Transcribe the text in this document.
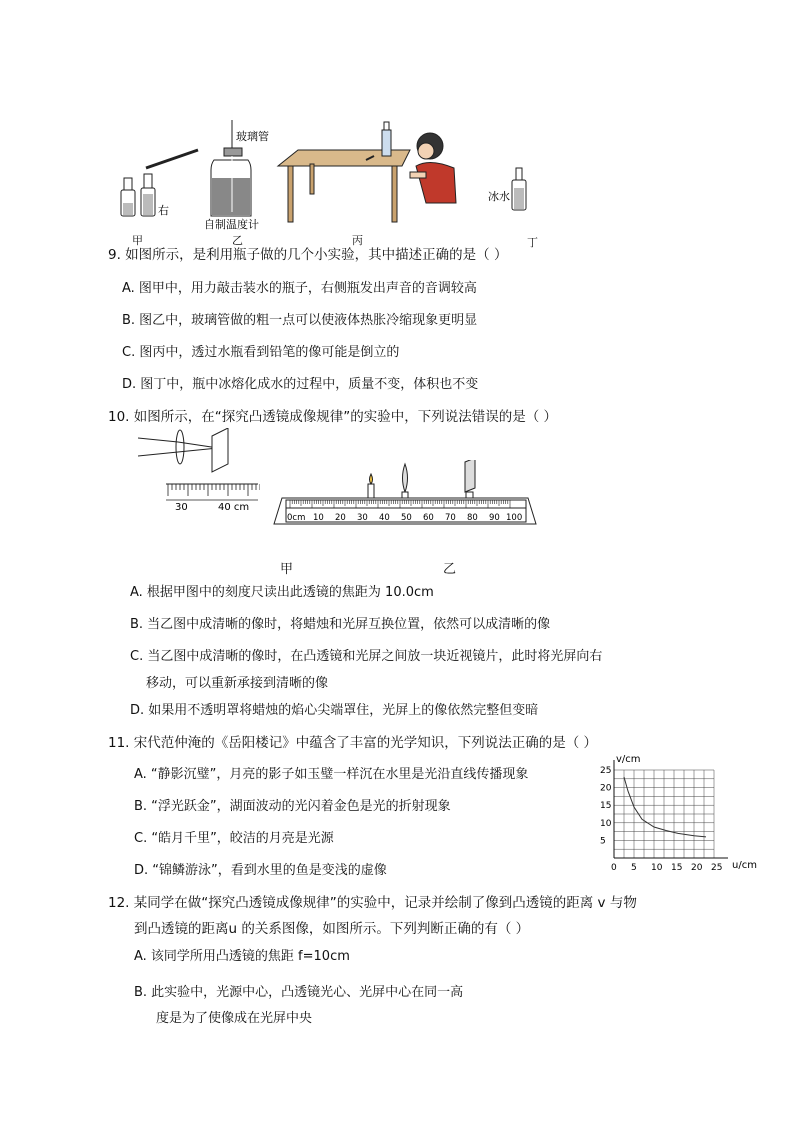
右
玻璃管
自制温度计
冰水
甲	乙	丙	丁
9. 如图所示，是利用瓶子做的几个小实验，其中描述正确的是（ ）
A. 图甲中，用力敲击装水的瓶子，右侧瓶发出声音的音调较高
B. 图乙中，玻璃管做的粗一点可以使液体热胀冷缩现象更明显
C. 图丙中，透过水瓶看到铅笔的像可能是倒立的
D. 图丁中，瓶中冰熔化成水的过程中，质量不变，体积也不变
10. 如图所示，在“探究凸透镜成像规律”的实验中，下列说法错误的是（ ）
30	40 cm
0cm 10 20 30 40 50 60 70 80 90 100
甲	乙
A. 根据甲图中的刻度尺读出此透镜的焦距为 10.0cm
B. 当乙图中成清晰的像时，将蜡烛和光屏互换位置，依然可以成清晰的像
C. 当乙图中成清晰的像时，在凸透镜和光屏之间放一块近视镜片，此时将光屏向右
移动，可以重新承接到清晰的像
D. 如果用不透明罩将蜡烛的焰心尖端罩住，光屏上的像依然完整但变暗
11. 宋代范仲淹的《岳阳楼记》中蕴含了丰富的光学知识，下列说法正确的是（ ）
A. “静影沉璧”，月亮的影子如玉璧一样沉在水里是光沿直线传播现象
B. “浮光跃金”，湖面波动的光闪着金色是光的折射现象
C. “皓月千里”，皎洁的月亮是光源
D. “锦鳞游泳”，看到水里的鱼是变浅的虚像	0 5 10 15 20 25
5
10
15
20
25
v/cm
u/cm
12. 某同学在做“探究凸透镜成像规律”的实验中，记录并绘制了像到凸透镜的距离 v 与物
到凸透镜的距离u 的关系图像，如图所示。下列判断正确的有（ ）
A. 该同学所用凸透镜的焦距 f=10cm
B. 此实验中，光源中心，凸透镜光心、光屏中心在同一高
度是为了使像成在光屏中央
